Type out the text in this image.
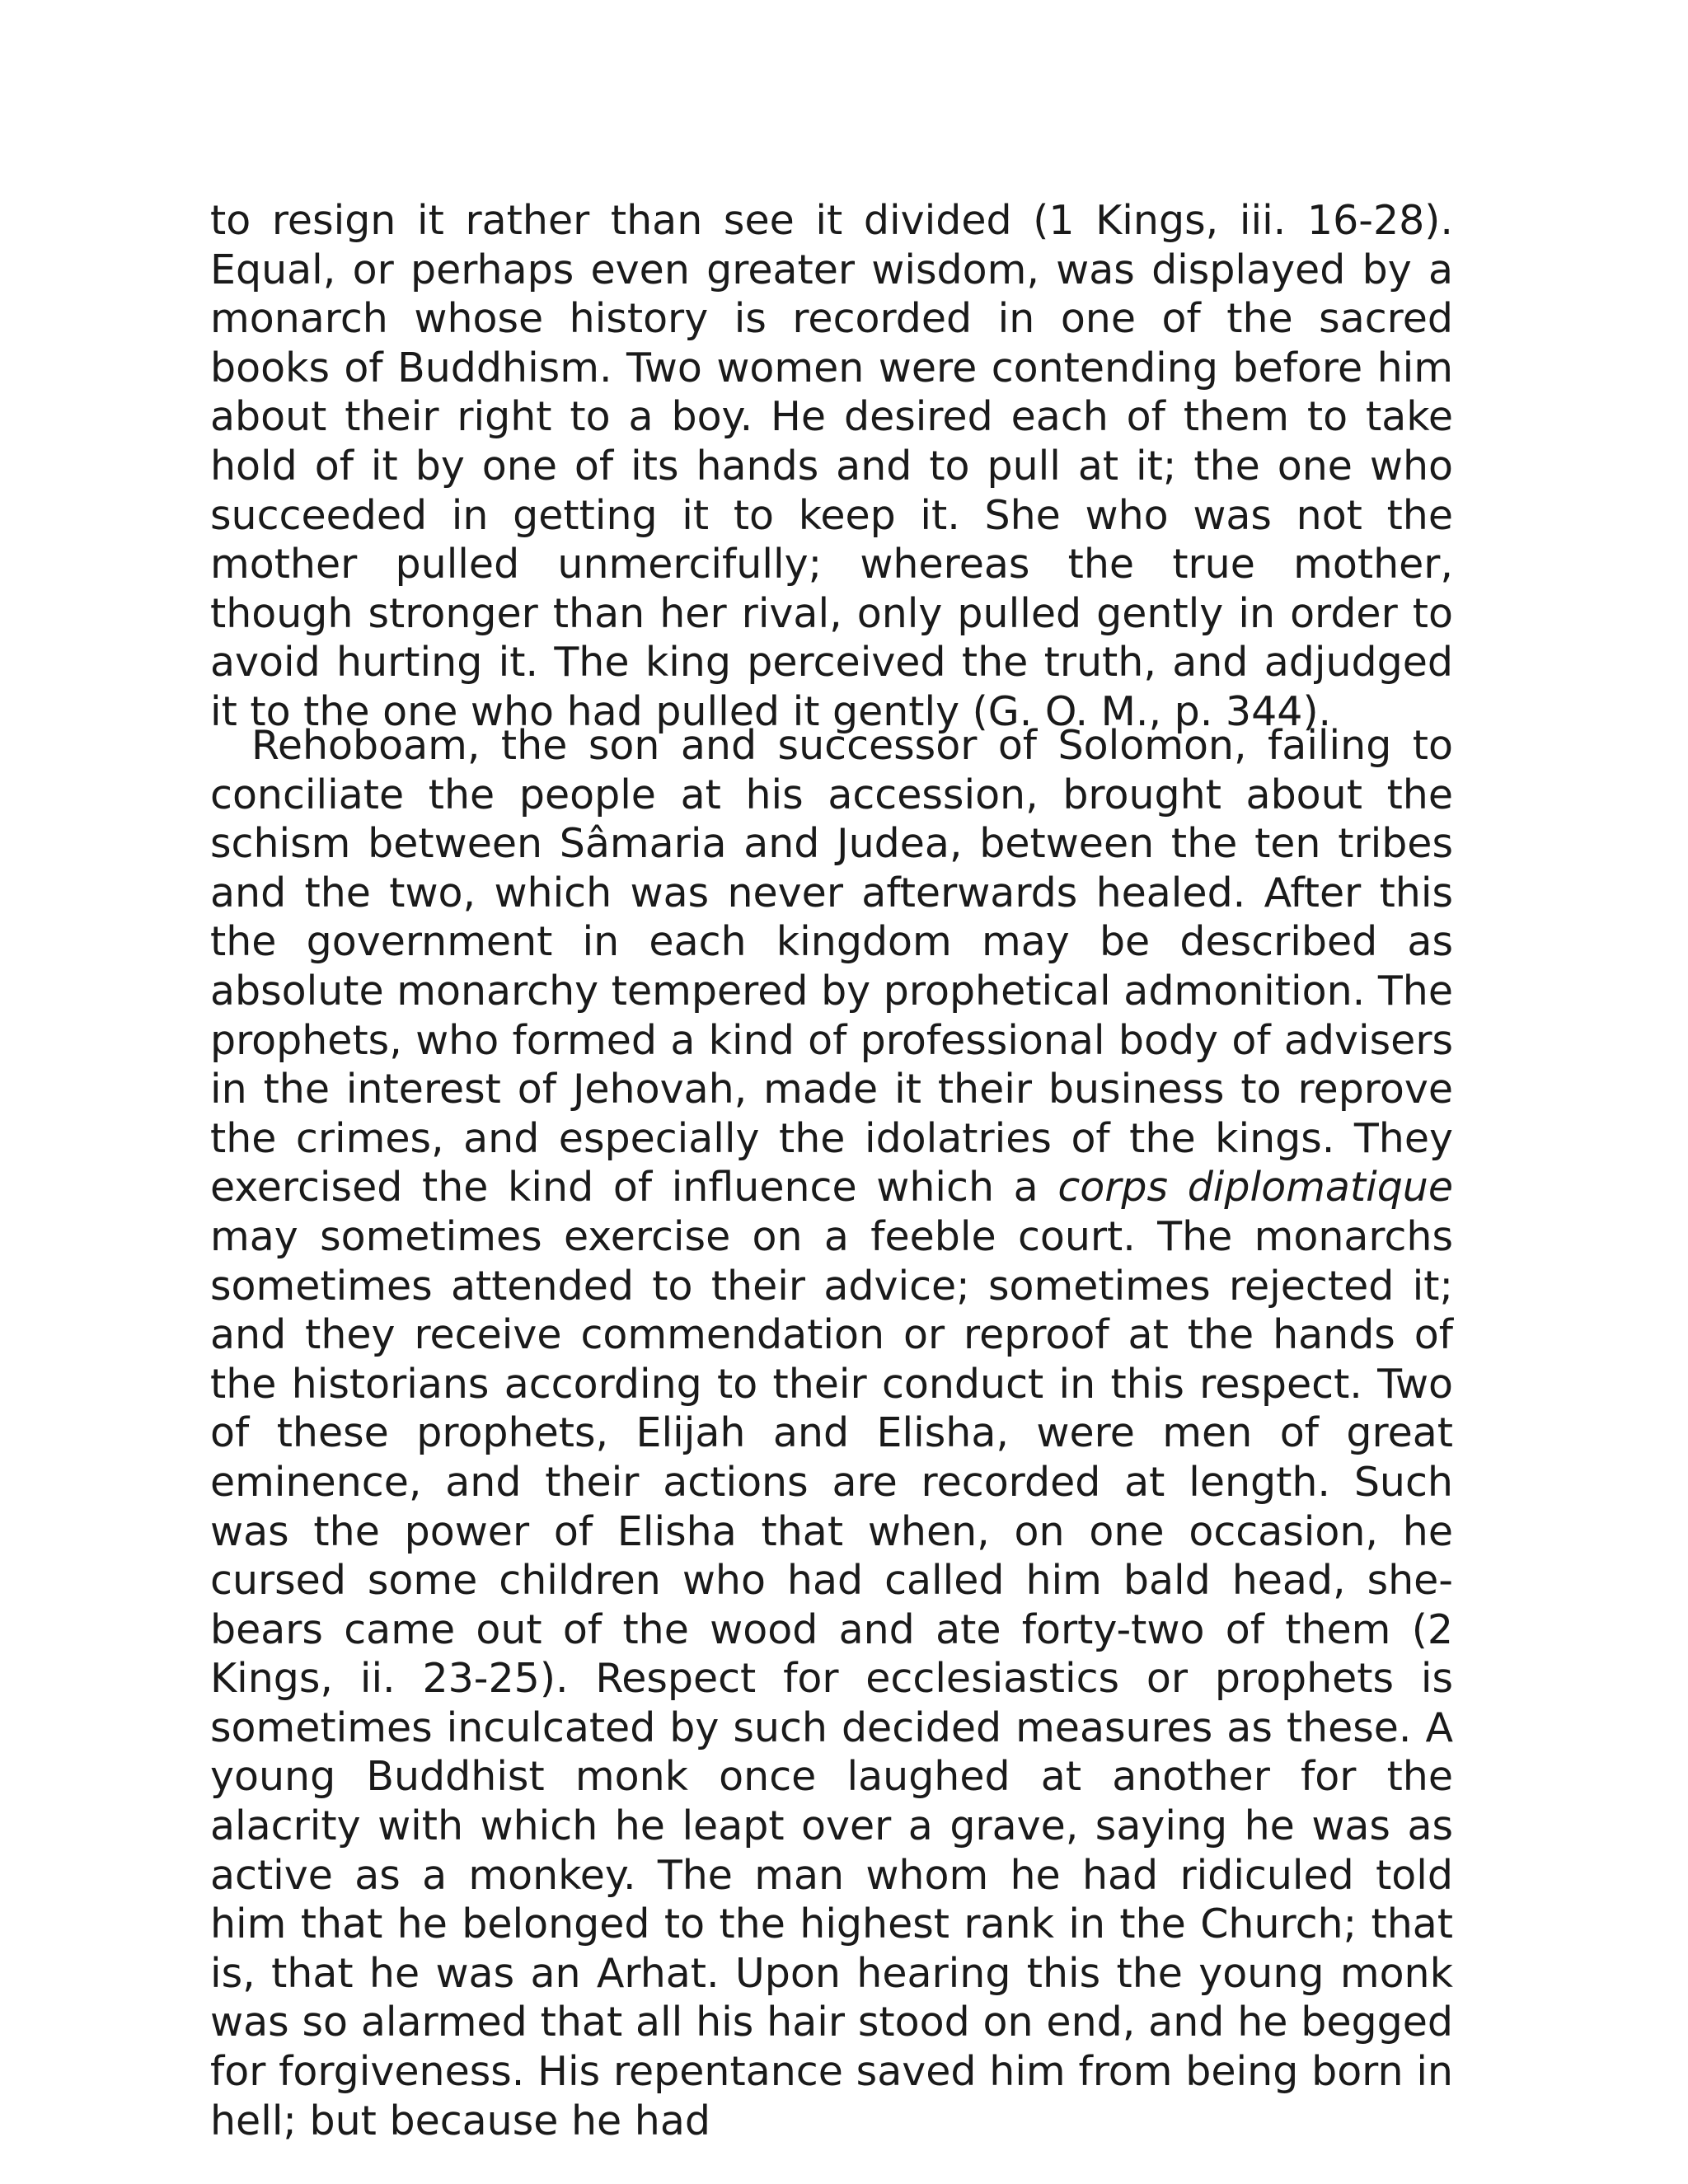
to resign it rather than see it divided (1 Kings, iii. 16-28). Equal, or perhaps even greater wisdom, was displayed by a monarch whose history is recorded in one of the sacred books of Buddhism. Two women were contending before him about their right to a boy. He desired each of them to take hold of it by one of its hands and to pull at it; the one who succeeded in getting it to keep it. She who was not the mother pulled unmercifully; whereas the true mother, though stronger than her rival, only pulled gently in order to avoid hurting it. The king perceived the truth, and adjudged it to the one who had pulled it gently (G. O. M., p. 344).

Rehoboam, the son and successor of Solomon, failing to conciliate the people at his accession, brought about the schism between Sâmaria and Judea, between the ten tribes and the two, which was never afterwards healed. After this the government in each kingdom may be described as absolute monarchy tempered by prophetical admonition. The prophets, who formed a kind of professional body of advisers in the interest of Jehovah, made it their business to reprove the crimes, and especially the idolatries of the kings. They exercised the kind of influence which a corps diplomatique may sometimes exercise on a feeble court. The monarchs sometimes attended to their advice; sometimes rejected it; and they receive commendation or reproof at the hands of the historians according to their conduct in this respect. Two of these prophets, Elijah and Elisha, were men of great eminence, and their actions are recorded at length. Such was the power of Elisha that when, on one occasion, he cursed some children who had called him bald head, she-bears came out of the wood and ate forty-two of them (2 Kings, ii. 23-25). Respect for ecclesiastics or prophets is sometimes inculcated by such decided measures as these. A young Buddhist monk once laughed at another for the alacrity with which he leapt over a grave, saying he was as active as a monkey. The man whom he had ridiculed told him that he belonged to the highest rank in the Church; that is, that he was an Arhat. Upon hearing this the young monk was so alarmed that all his hair stood on end, and he begged for forgiveness. His repentance saved him from being born in hell; but because he had
